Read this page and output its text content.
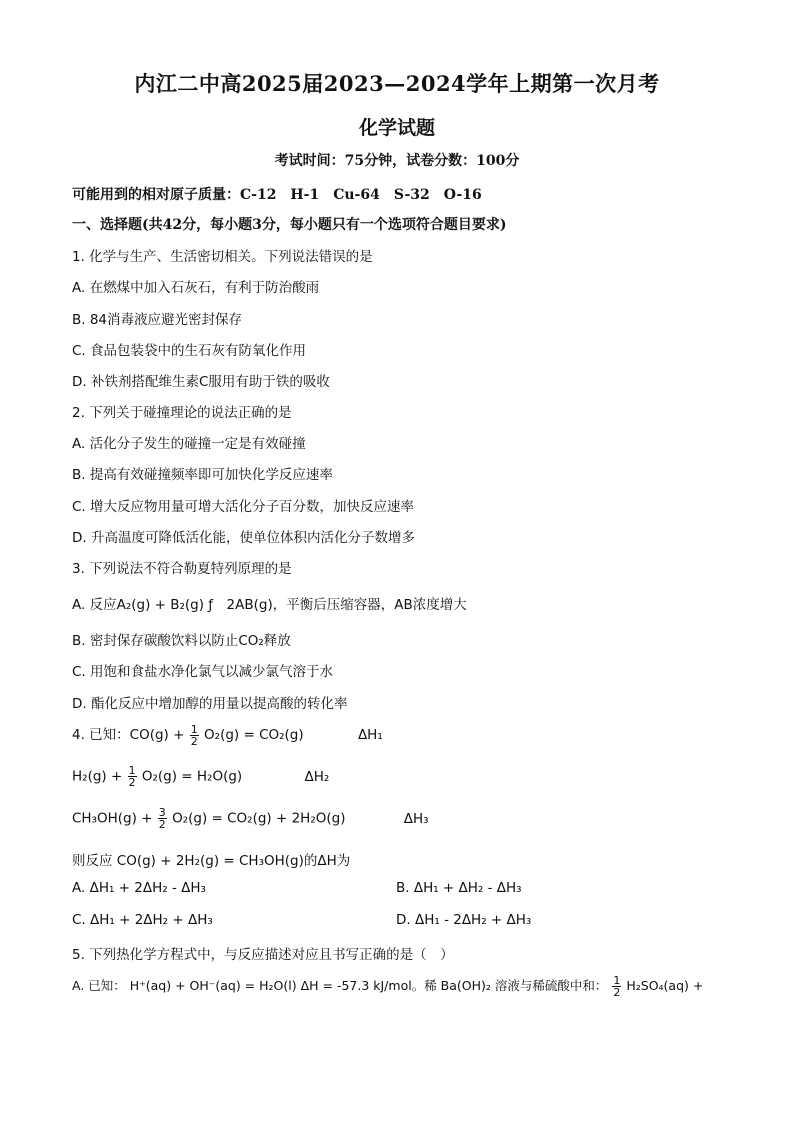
内江二中高2025届2023—2024学年上期第一次月考
化学试题
考试时间：75分钟，试卷分数：100分
可能用到的相对原子质量：C-12　H-1　Cu-64　S-32　O-16
一、选择题(共42分，每小题3分，每小题只有一个选项符合题目要求)
1. 化学与生产、生活密切相关。下列说法错误的是
A. 在燃煤中加入石灰石，有利于防治酸雨
B. 84消毒液应避光密封保存
C. 食品包装袋中的生石灰有防氧化作用
D. 补铁剂搭配维生素C服用有助于铁的吸收
2. 下列关于碰撞理论的说法正确的是
A. 活化分子发生的碰撞一定是有效碰撞
B. 提高有效碰撞频率即可加快化学反应速率
C. 增大反应物用量可增大活化分子百分数，加快反应速率
D. 升高温度可降低活化能，使单位体积内活化分子数增多
3. 下列说法不符合勒夏特列原理的是
A. 反应A₂(g) + B₂(g) ƒ　2AB(g)，平衡后压缩容器，AB浓度增大
B. 密封保存碳酸饮料以防止CO₂释放
C. 用饱和食盐水净化氯气以减少氯气溶于水
D. 酯化反应中增加醇的用量以提高酸的转化率
4. 已知：$CO(g) + \frac{1}{2} O_2(g) = CO_2(g)$	ΔH₁
$H_2(g) + \frac{1}{2} O_2(g) = H_2O(g)$	ΔH₂
$CH_3OH(g) + \frac{3}{2} O_2(g) = CO_2(g) + 2H_2O(g)$	ΔH₃
则反应 CO(g) + 2H₂(g) = CH₃OH(g)的ΔH为
A. ΔH₁ + 2ΔH₂ - ΔH₃	B. ΔH₁ + ΔH₂ - ΔH₃
C. ΔH₁ + 2ΔH₂ + ΔH₃	D. ΔH₁ - 2ΔH₂ + ΔH₃
5. 下列热化学方程式中，与反应描述对应且书写正确的是（　）
A. 已知： H⁺(aq) + OH⁻(aq) = H₂O(l) ΔH = -57.3 kJ/mol。稀 Ba(OH)₂ 溶液与稀硫酸中和： $\frac{1}{2} H_2SO_4(aq)$ +
